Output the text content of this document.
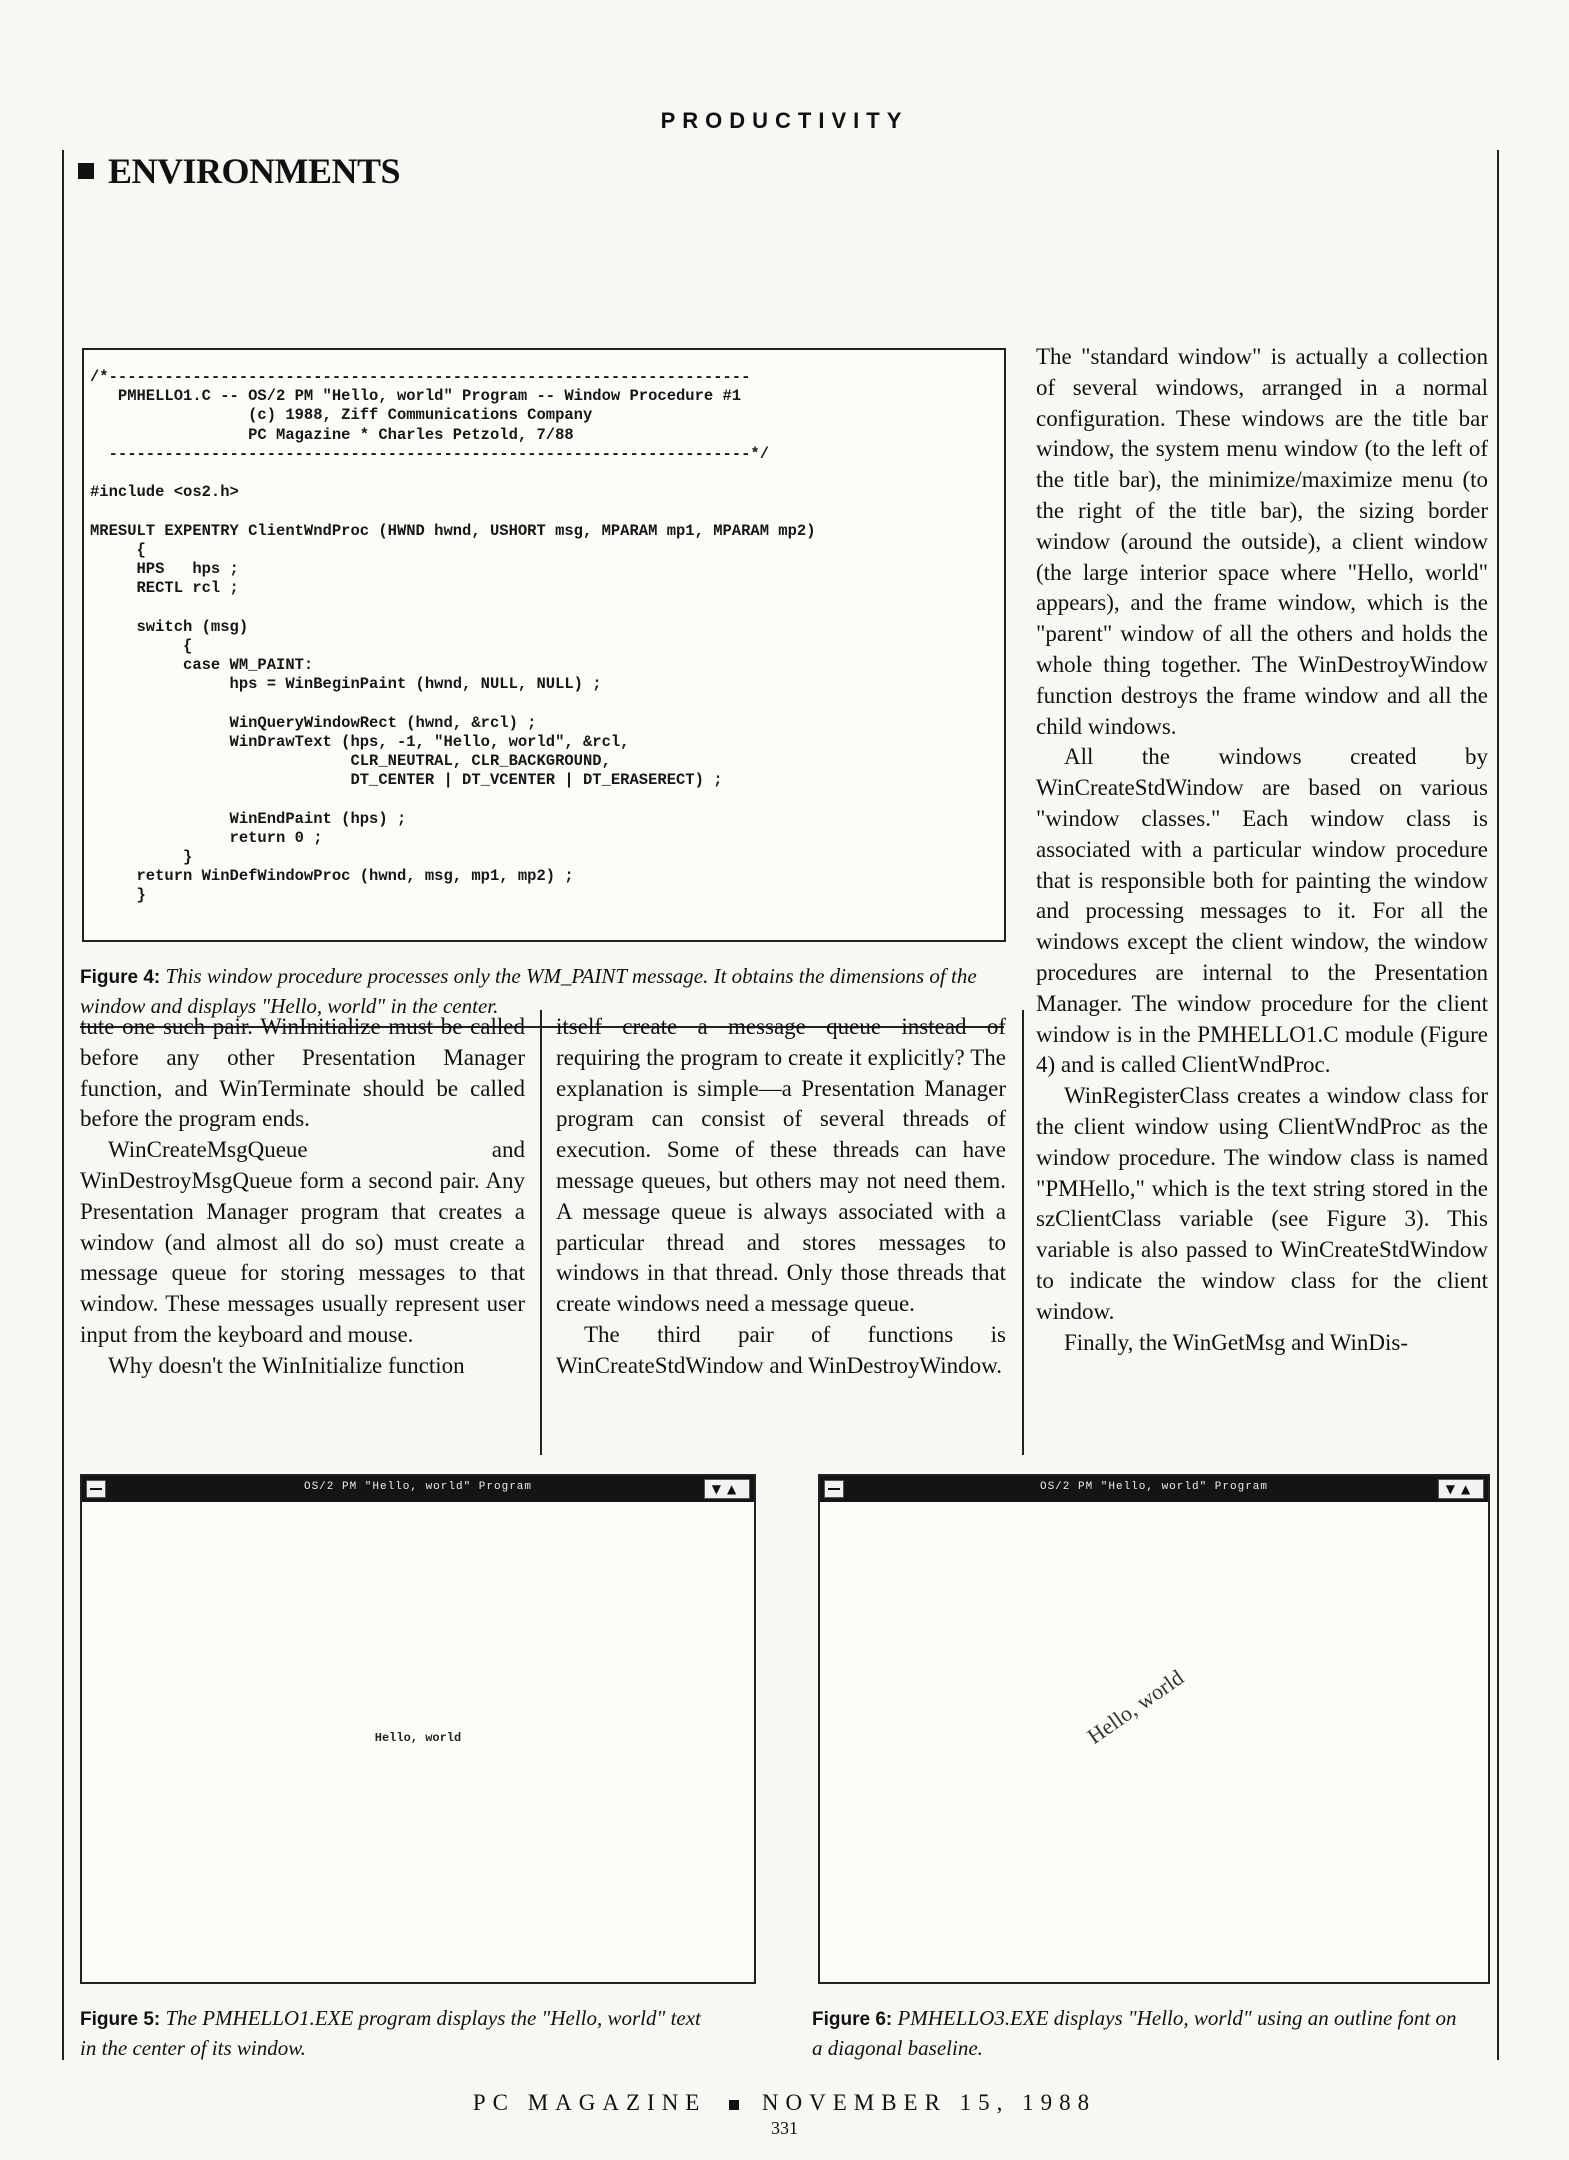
PRODUCTIVITY
ENVIRONMENTS
/*---------------------------------------------------------------------
PMHELLO1.C -- OS/2 PM "Hello, world" Program -- Window Procedure #1
(c) 1988, Ziff Communications Company
PC Magazine * Charles Petzold, 7/88
---------------------------------------------------------------------*/

#include <os2.h>

MRESULT EXPENTRY ClientWndProc (HWND hwnd, USHORT msg, MPARAM mp1, MPARAM mp2)
{
HPS   hps ;
RECTL rcl ;

switch (msg)
{
case WM_PAINT:
hps = WinBeginPaint (hwnd, NULL, NULL) ;

WinQueryWindowRect (hwnd, &rcl) ;
WinDrawText (hps, -1, "Hello, world", &rcl,
CLR_NEUTRAL, CLR_BACKGROUND,
DT_CENTER | DT_VCENTER | DT_ERASERECT) ;

WinEndPaint (hps) ;
return 0 ;
}
return WinDefWindowProc (hwnd, msg, mp1, mp2) ;
}
Figure 4: This window procedure processes only the WM_PAINT message. It obtains the dimensions of the window and displays "Hello, world" in the center.

tute one such pair. WinInitialize must be called before any other Presentation Manager function, and WinTerminate should be called before the program ends.

WinCreateMsgQueue and WinDestroyMsgQueue form a second pair. Any Presentation Manager program that creates a window (and almost all do so) must create a message queue for storing messages to that window. These messages usually represent user input from the keyboard and mouse.

Why doesn't the WinInitialize function

itself create a message queue instead of requiring the program to create it explicitly? The explanation is simple—a Presentation Manager program can consist of several threads of execution. Some of these threads can have message queues, but others may not need them. A message queue is always associated with a particular thread and stores messages to windows in that thread. Only those threads that create windows need a message queue.

The third pair of functions is WinCreateStdWindow and WinDestroyWindow.

The "standard window" is actually a collection of several windows, arranged in a normal configuration. These windows are the title bar window, the system menu window (to the left of the title bar), the minimize/maximize menu (to the right of the title bar), the sizing border window (around the outside), a client window (the large interior space where "Hello, world" appears), and the frame window, which is the "parent" window of all the others and holds the whole thing together. The WinDestroyWindow function destroys the frame window and all the child windows.

All the windows created by WinCreateStdWindow are based on various "window classes." Each window class is associated with a particular window procedure that is responsible both for painting the window and processing messages to it. For all the windows except the client window, the window procedures are internal to the Presentation Manager. The window procedure for the client window is in the PMHELLO1.C module (Figure 4) and is called ClientWndProc.

WinRegisterClass creates a window class for the client window using ClientWndProc as the window procedure. The window class is named "PMHello," which is the text string stored in the szClientClass variable (see Figure 3). This variable is also passed to WinCreateStdWindow to indicate the window class for the client window.

Finally, the WinGetMsg and WinDis-

OS/2 PM "Hello, world" Program	▼▲
Hello, world
Figure 5: The PMHELLO1.EXE program displays the "Hello, world" text in the center of its window.
OS/2 PM "Hello, world" Program	▼▲
Hello, world
Figure 6: PMHELLO3.EXE displays "Hello, world" using an outline font on a diagonal baseline.
PC MAGAZINE NOVEMBER 15, 1988
331
